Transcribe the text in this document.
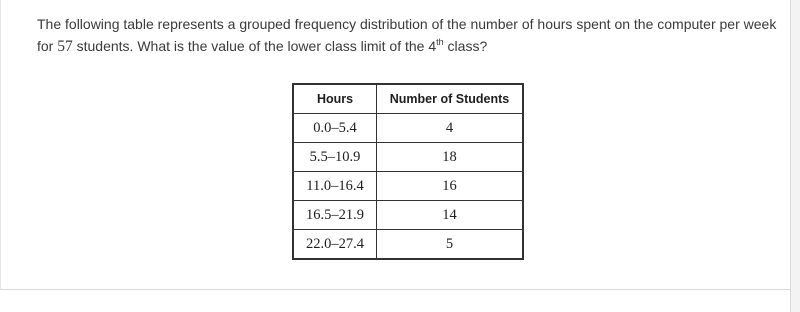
The following table represents a grouped frequency distribution of the number of hours spent on the computer per week for 57 students. What is the value of the lower class limit of the 4th class?
Hours	Number of Students
0.0–5.4	4
5.5–10.9	18
11.0–16.4	16
16.5–21.9	14
22.0–27.4	5
